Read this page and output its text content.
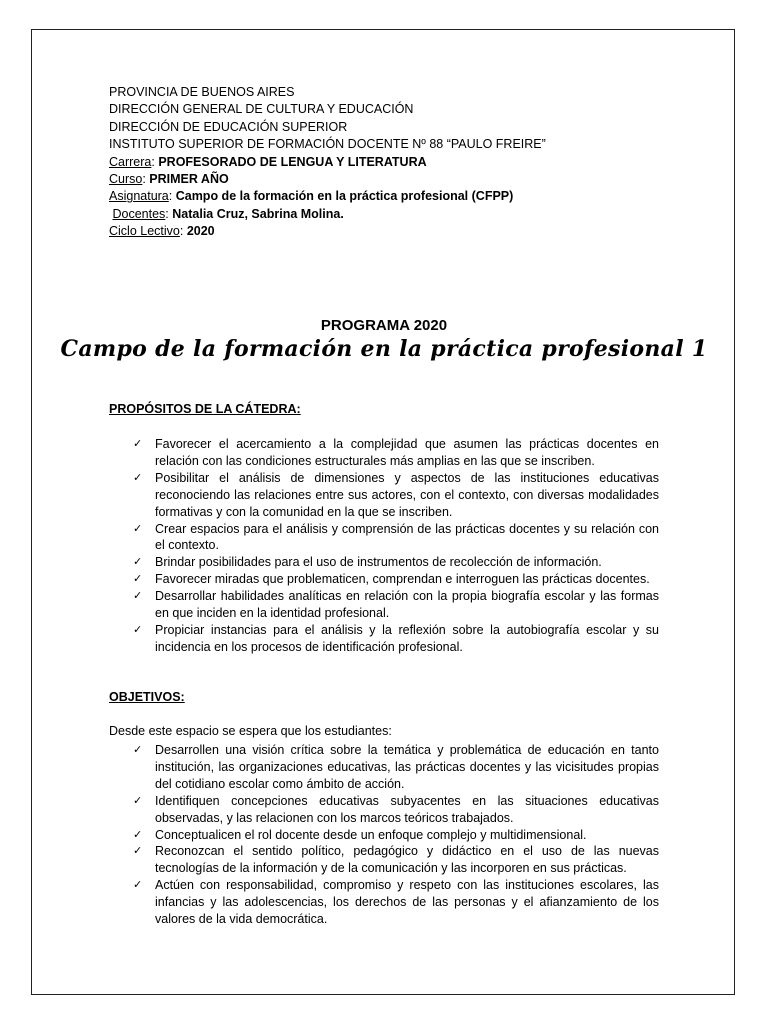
PROVINCIA DE BUENOS AIRES
DIRECCIÓN GENERAL DE CULTURA Y EDUCACIÓN
DIRECCIÓN DE EDUCACIÓN SUPERIOR
INSTITUTO SUPERIOR DE FORMACIÓN DOCENTE Nº 88 “PAULO FREIRE”
Carrera: PROFESORADO DE LENGUA Y LITERATURA
Curso: PRIMER AÑO
Asignatura: Campo de la formación en la práctica profesional (CFPP)
Docentes: Natalia Cruz, Sabrina Molina.
Ciclo Lectivo: 2020
PROGRAMA 2020
Campo de la formación en la práctica profesional 1
PROPÓSITOS DE LA CÁTEDRA:
✓ Favorecer el acercamiento a la complejidad que asumen las prácticas docentes en relación con las condiciones estructurales más amplias en las que se inscriben.
✓ Posibilitar el análisis de dimensiones y aspectos de las instituciones educativas reconociendo las relaciones entre sus actores, con el contexto, con diversas modalidades formativas y con la comunidad en la que se inscriben.
✓ Crear espacios para el análisis y comprensión de las prácticas docentes y su relación con el contexto.
✓ Brindar posibilidades para el uso de instrumentos de recolección de información.
✓ Favorecer miradas que problematicen, comprendan e interroguen las prácticas docentes.
✓ Desarrollar habilidades analíticas en relación con la propia biografía escolar y las formas en que inciden en la identidad profesional.
✓ Propiciar instancias para el análisis y la reflexión sobre la autobiografía escolar y su incidencia en los procesos de identificación profesional.
OBJETIVOS:
Desde este espacio se espera que los estudiantes:
✓ Desarrollen una visión crítica sobre la temática y problemática de educación en tanto institución, las organizaciones educativas, las prácticas docentes y las vicisitudes propias del cotidiano escolar como ámbito de acción.
✓ Identifiquen concepciones educativas subyacentes en las situaciones educativas observadas, y las relacionen con los marcos teóricos trabajados.
✓ Conceptualicen el rol docente desde un enfoque complejo y multidimensional.
✓ Reconozcan el sentido político, pedagógico y didáctico en el uso de las nuevas tecnologías de la información y de la comunicación y las incorporen en sus prácticas.
✓ Actúen con responsabilidad, compromiso y respeto con las instituciones escolares, las infancias y las adolescencias, los derechos de las personas y el afianzamiento de los valores de la vida democrática.
